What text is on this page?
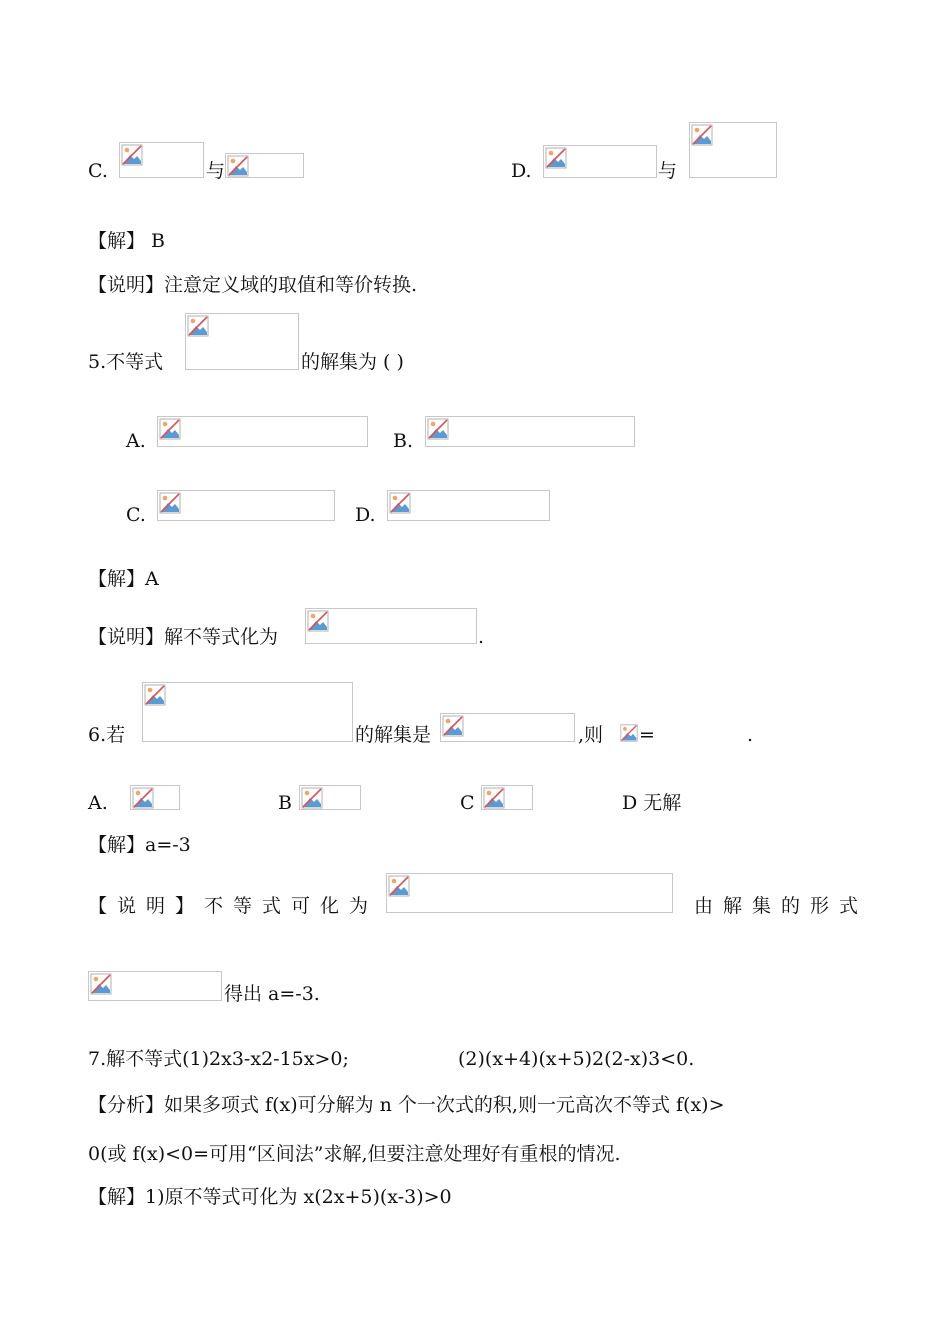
C.	与	D.	与
【解】 B
【说明】注意定义域的取值和等价转换.
5.不等式	的解集为 ( )
A.	B.
C.	D.
【解】A
【说明】解不等式化为	.
6.若	的解集是	,则 =	.
A.	B	C	D 无解
【解】a=-3
【说明】不等式可化为	由解集的形式
得出 a=-3.
7.解不等式(1)2x3-x2-15x>0;	(2)(x+4)(x+5)2(2-x)3<0.
【分析】如果多项式 f(x)可分解为 n 个一次式的积,则一元高次不等式 f(x)>
0(或 f(x)<0=可用“区间法”求解,但要注意处理好有重根的情况.
【解】1)原不等式可化为 x(2x+5)(x-3)>0
